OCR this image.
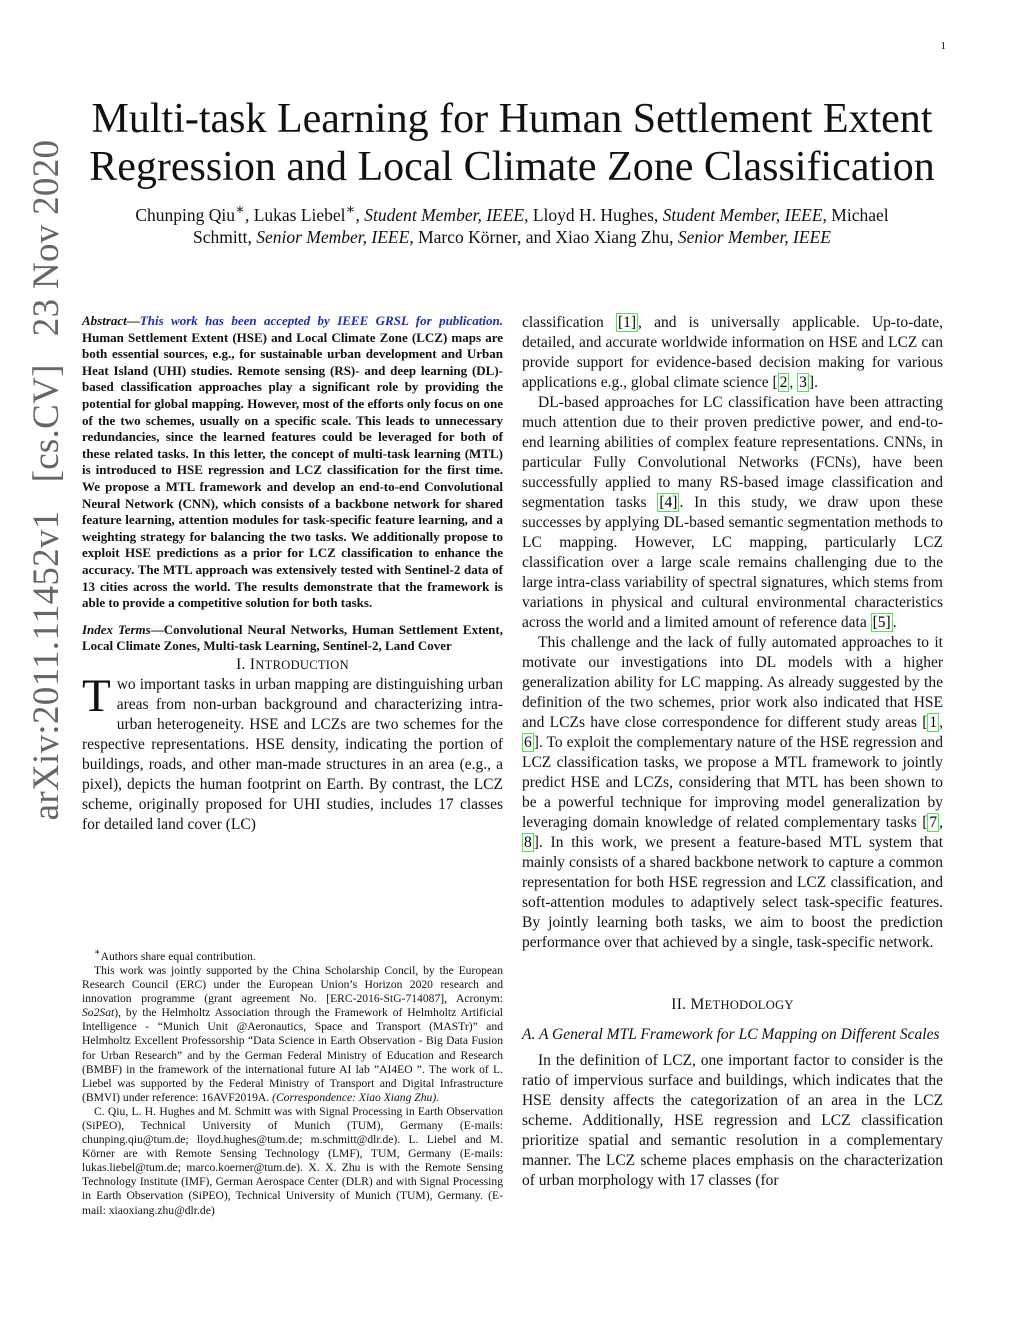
1
arXiv:2011.11452v1
[cs.CV]
23 Nov 2020
Multi-task Learning for Human Settlement Extent
Regression and Local Climate Zone Classification
Chunping Qiu∗, Lukas Liebel∗, Student Member, IEEE, Lloyd H. Hughes, Student Member, IEEE, Michael
Schmitt, Senior Member, IEEE, Marco Körner, and Xiao Xiang Zhu, Senior Member, IEEE

Abstract—This work has been accepted by IEEE GRSL for publication. Human Settlement Extent (HSE) and Local Climate Zone (LCZ) maps are both essential sources, e.g., for sustainable urban development and Urban Heat Island (UHI) studies. Remote sensing (RS)- and deep learning (DL)-based classification approaches play a significant role by providing the potential for global mapping. However, most of the efforts only focus on one of the two schemes, usually on a specific scale. This leads to unnecessary redundancies, since the learned features could be leveraged for both of these related tasks. In this letter, the concept of multi-task learning (MTL) is introduced to HSE regression and LCZ classification for the first time. We propose a MTL framework and develop an end-to-end Convolutional Neural Network (CNN), which consists of a backbone network for shared feature learning, attention modules for task-specific feature learning, and a weighting strategy for balancing the two tasks. We additionally propose to exploit HSE predictions as a prior for LCZ classification to enhance the accuracy. The MTL approach was extensively tested with Sentinel-2 data of 13 cities across the world. The results demonstrate that the framework is able to provide a competitive solution for both tasks.

Index Terms—Convolutional Neural Networks, Human Settlement Extent, Local Climate Zones, Multi-task Learning, Sentinel-2, Land Cover

I. INTRODUCTION

Two important tasks in urban mapping are distinguishing urban areas from non-urban background and characterizing intra-urban heterogeneity. HSE and LCZs are two schemes for the respective representations. HSE density, indicating the portion of buildings, roads, and other man-made structures in an area (e.g., a pixel), depicts the human footprint on Earth. By contrast, the LCZ scheme, originally proposed for UHI studies, includes 17 classes for detailed land cover (LC)

∗Authors share equal contribution.

This work was jointly supported by the China Scholarship Concil, by the European Research Council (ERC) under the European Union’s Horizon 2020 research and innovation programme (grant agreement No. [ERC-2016-StG-714087], Acronym: So2Sat), by the Helmholtz Association through the Framework of Helmholtz Artificial Intelligence - “Munich Unit @Aeronautics, Space and Transport (MASTr)” and Helmholtz Excellent Professorship “Data Science in Earth Observation - Big Data Fusion for Urban Research” and by the German Federal Ministry of Education and Research (BMBF) in the framework of the international future AI lab ”AI4EO ”. The work of L. Liebel was supported by the Federal Ministry of Transport and Digital Infrastructure (BMVI) under reference: 16AVF2019A. (Correspondence: Xiao Xiang Zhu).

C. Qiu, L. H. Hughes and M. Schmitt was with Signal Processing in Earth Observation (SiPEO), Technical University of Munich (TUM), Germany (E-mails: chunping.qiu@tum.de; lloyd.hughes@tum.de; m.schmitt@dlr.de). L. Liebel and M. Körner are with Remote Sensing Technology (LMF), TUM, Germany (E-mails: lukas.liebel@tum.de; marco.koerner@tum.de). X. X. Zhu is with the Remote Sensing Technology Institute (IMF), German Aerospace Center (DLR) and with Signal Processing in Earth Observation (SiPEO), Technical University of Munich (TUM), Germany. (E-mail: xiaoxiang.zhu@dlr.de)

classification [1] , and is universally applicable. Up-to-date, detailed, and accurate worldwide information on HSE and LCZ can provide support for evidence-based decision making for various applications e.g., global climate science [ 2 , 3 ].

DL-based approaches for LC classification have been attracting much attention due to their proven predictive power, and end-to-end learning abilities of complex feature representations. CNNs, in particular Fully Convolutional Networks (FCNs), have been successfully applied to many RS-based image classification and segmentation tasks [4] . In this study, we draw upon these successes by applying DL-based semantic segmentation methods to LC mapping. However, LC mapping, particularly LCZ classification over a large scale remains challenging due to the large intra-class variability of spectral signatures, which stems from variations in physical and cultural environmental characteristics across the world and a limited amount of reference data [5] .

This challenge and the lack of fully automated approaches to it motivate our investigations into DL models with a higher generalization ability for LC mapping. As already suggested by the definition of the two schemes, prior work also indicated that HSE and LCZs have close correspondence for different study areas [ 1 , 6 ]. To exploit the complementary nature of the HSE regression and LCZ classification tasks, we propose a MTL framework to jointly predict HSE and LCZs, considering that MTL has been shown to be a powerful technique for improving model generalization by leveraging domain knowledge of related complementary tasks [ 7 , 8 ]. In this work, we present a feature-based MTL system that mainly consists of a shared backbone network to capture a common representation for both HSE regression and LCZ classification, and soft-attention modules to adaptively select task-specific features. By jointly learning both tasks, we aim to boost the prediction performance over that achieved by a single, task-specific network.

II. METHODOLOGY

A. A General MTL Framework for LC Mapping on Different Scales

In the definition of LCZ, one important factor to consider is the ratio of impervious surface and buildings, which indicates that the HSE density affects the categorization of an area in the LCZ scheme. Additionally, HSE regression and LCZ classification prioritize spatial and semantic resolution in a complementary manner. The LCZ scheme places emphasis on the characterization of urban morphology with 17 classes (for
